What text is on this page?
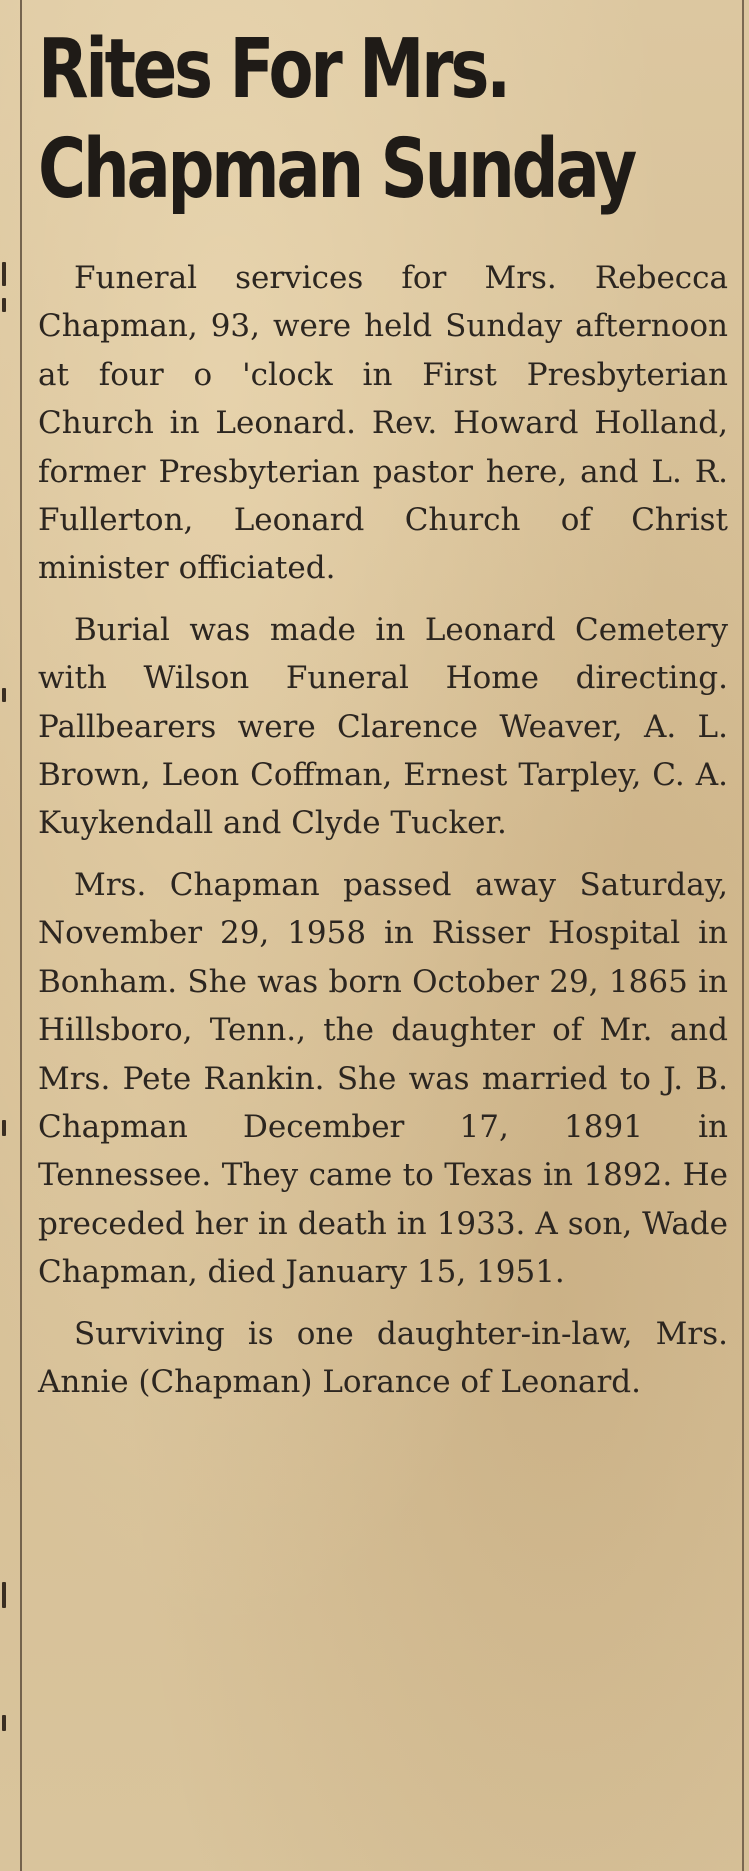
Rites For Mrs. Chapman Sunday

Funeral services for Mrs. Rebecca Chapman, 93, were held Sunday afternoon at four o 'clock in First Presbyterian Church in Leonard. Rev. Howard Holland, former Presbyterian pastor here, and L. R. Fullerton, Leonard Church of Christ minister officiated.

Burial was made in Leonard Cemetery with Wilson Funeral Home directing. Pallbearers were Clarence Weaver, A. L. Brown, Leon Coffman, Ernest Tarpley, C. A. Kuykendall and Clyde Tucker.

Mrs. Chapman passed away Saturday, November 29, 1958 in Risser Hospital in Bonham. She was born October 29, 1865 in Hillsboro, Tenn., the daughter of Mr. and Mrs. Pete Rankin. She was married to J. B. Chapman December 17, 1891 in Tennessee. They came to Texas in 1892. He preceded her in death in 1933. A son, Wade Chapman, died January 15, 1951.

Surviving is one daughter-in-law, Mrs. Annie (Chapman) Lorance of Leonard.
